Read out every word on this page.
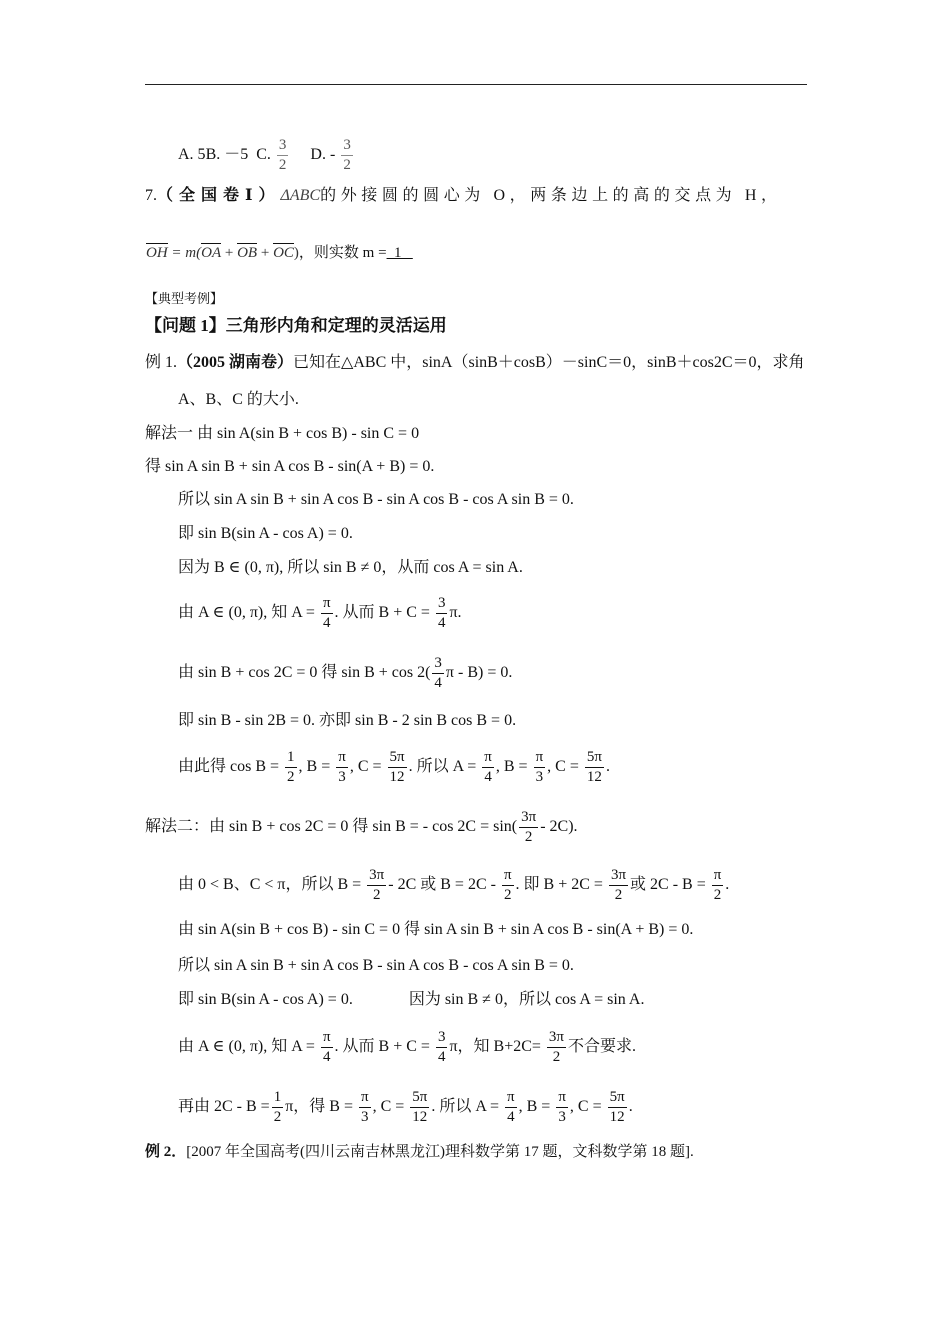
A. 5B. －5 C. $\frac{3}{2} D$. - $\frac{3}{2}$
7.（全国卷Ⅰ）ΔABC的外接圆的圆心为 O，两条边上的高的交点为 H，
OH = m(OA + OB + OC)，则实数 m =  1
【典型考例】
【问题 1】三角形内角和定理的灵活运用
例 1.（2005 湖南卷）已知在△ABC 中，sinA（sinB＋cosB）－sinC＝0，sinB＋cos2C＝0，求角
A、B、C 的大小.
解法一 由 sin A(sin B + cos B) - sin C = 0
得 sin A sin B + sin A cos B - sin(A + B) = 0.
所以 sin A sin B + sin A cos B - sin A cos B - cos A sin B = 0.
即 sin B(sin A - cos A) = 0.
因为 B ∈ (0, π), 所以 sin B ≠ 0，从而 cos A = sin A.
由 A ∈ (0, π), 知 $A = \frac{\pi}{4}$ . 从而 $B + C = \frac{3}{4} \pi$.
由 sin B + cos 2C = 0 得 $\sin B + \cos 2( \frac{3}{4}$ π - B) = 0.
即 sin B - sin 2B = 0. 亦即 sin B - 2 sin B cos B = 0.
由此得 $\cos B = \frac{1}{2}$ , $B = \frac{\pi}{3}$ , $C = \frac{5\pi}{12}$ . 所以 $A = \frac{\pi}{4}$ , $B = \frac{\pi}{3}$ , $C = \frac{5\pi}{12}$ .
解法二：由 sin B + cos 2C = 0 得 sin B = - $\cos 2C = \sin( \frac{3\pi}{2} - 2C)$.
由 0 < B、C < π，所以 $B = \frac{3\pi}{2} - 2C$ 或 $B = 2C - \frac{\pi}{2}$ . 即 $B + 2C = \frac{3\pi}{2}$ 或 $2C - B = \frac{\pi}{2}$ .
由 sin A(sin B + cos B) - sin C = 0 得 sin A sin B + sin A cos B - sin(A + B) = 0.
所以 sin A sin B + sin A cos B - sin A cos B - cos A sin B = 0.
即 sin B(sin A - cos A) = 0.	因为 sin B ≠ 0，所以 cos A = sin A.
由 A ∈ (0, π), 知 $A = \frac{\pi}{4}$ . 从而 $B + C = \frac{3}{4}$ π，知 $B+2C= \frac{3\pi}{2}$ 不合要求.
再由 $2C - B = \frac{1}{2}$ π，得 $B = \frac{\pi}{3}$ , $C = \frac{5\pi}{12}$ . 所以 $A = \frac{\pi}{4}$ , $B = \frac{\pi}{3}$ , $C = \frac{5\pi}{12}$ .
例 2．[2007 年全国高考(四川云南吉林黑龙江)理科数学第 17 题，文科数学第 18 题].
